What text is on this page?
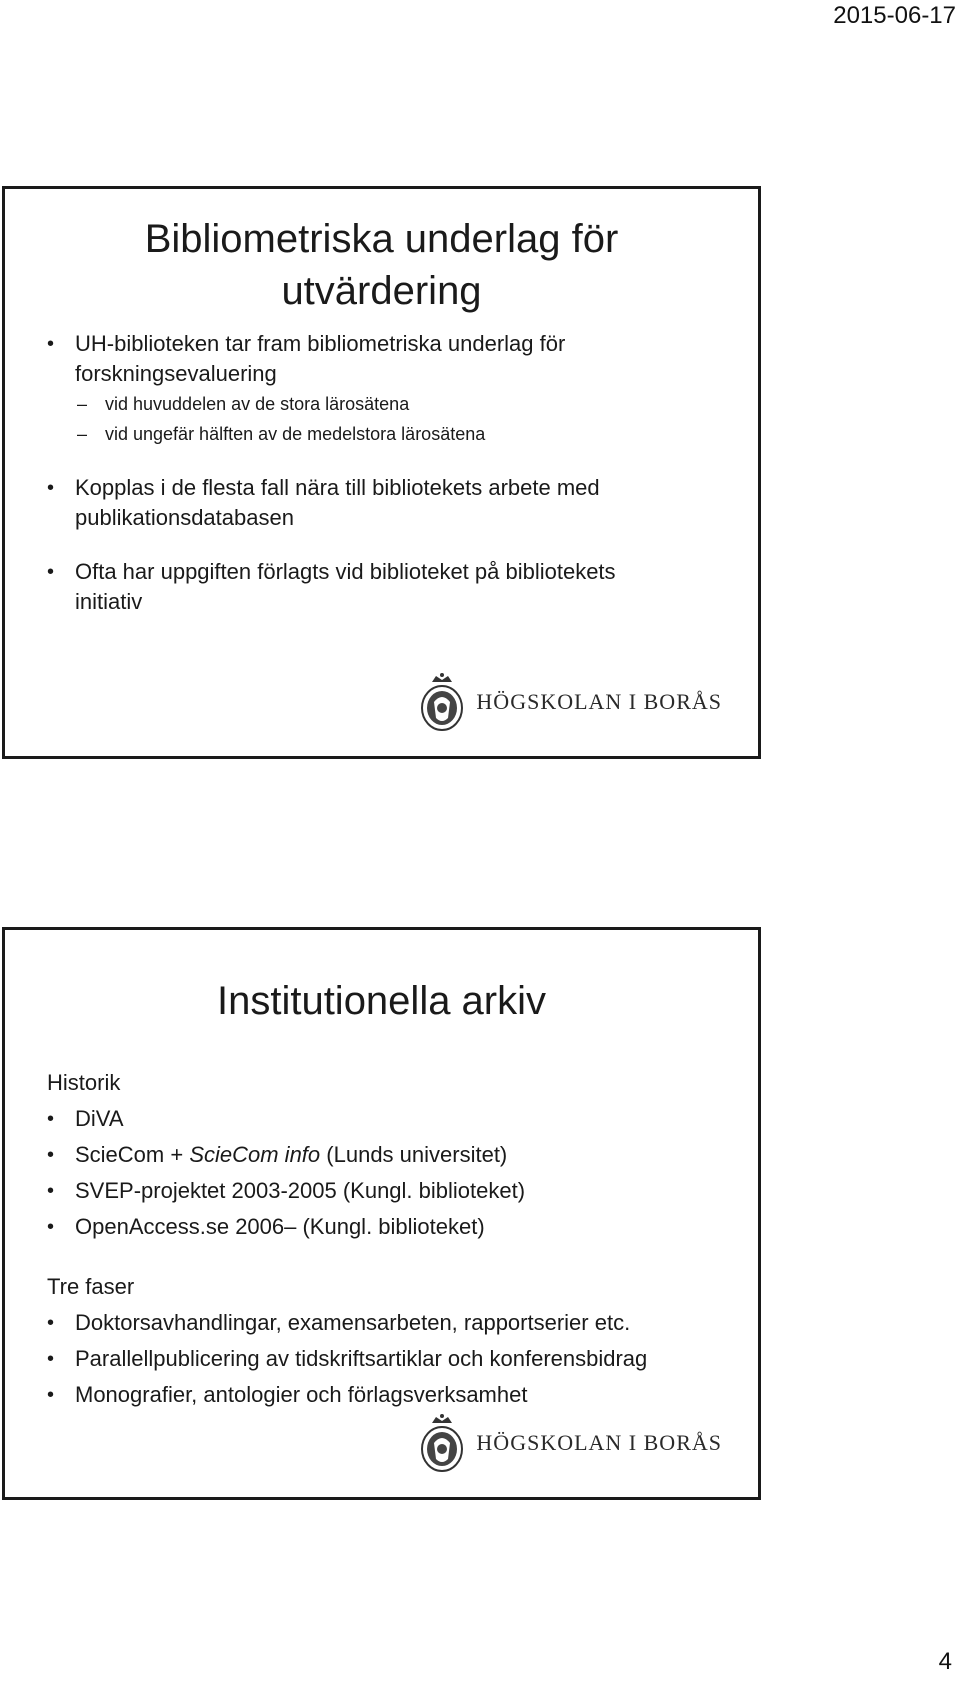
2015-06-17
Bibliometriska underlag för
utvärdering
• UH-biblioteken tar fram bibliometriska underlag för
forskningsevaluering
– vid huvuddelen av de stora lärosätena
– vid ungefär hälften av de medelstora lärosätena
• Kopplas i de flesta fall nära till bibliotekets arbete med
publikationsdatabasen
• Ofta har uppgiften förlagts vid biblioteket på bibliotekets
initiativ
HÖGSKOLAN I BORÅS
Institutionella arkiv
Historik
• DiVA
• ScieCom + ScieCom info (Lunds universitet)
• SVEP-projektet 2003-2005 (Kungl. biblioteket)
• OpenAccess.se 2006– (Kungl. biblioteket)
Tre faser
• Doktorsavhandlingar, examensarbeten, rapportserier etc.
• Parallellpublicering av tidskriftsartiklar och konferensbidrag
• Monografier, antologier och förlagsverksamhet
HÖGSKOLAN I BORÅS
4
